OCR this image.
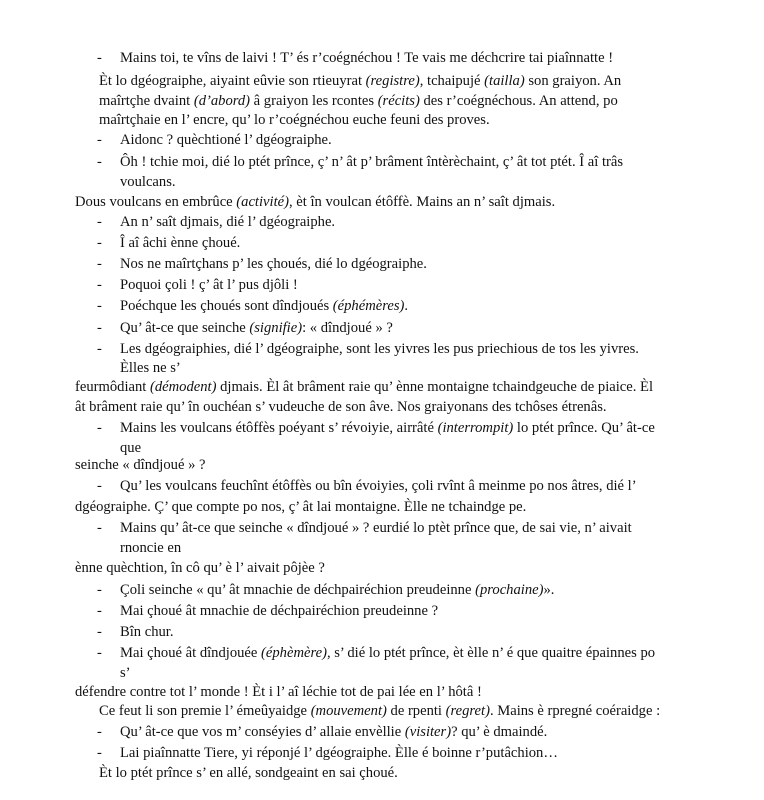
- Mains toi, te vîns de laivi ! T’ és r’coégnéchou ! Te vais me déchcrire tai piaînnatte !
Èt lo dgéograiphe, aiyaint eûvie son rtieuyrat (registre), tchaipujé (tailla) son graiyon. An
maîrtçhe dvaint (d’abord) â graiyon les rcontes (récits) des r’coégnéchous. An attend, po
maîrtçhaie en l’ encre, qu’ lo r’coégnéchou euche feuni des proves.
- Aidonc ? quèchtioné l’ dgéograiphe.
- Ôh ! tchie moi, dié lo ptét prînce, ç’ n’ ât p’ brâment întèrèchaint, ç’ ât tot ptét. Î aî trâs
voulcans.
Dous voulcans en embrûce (activité), èt în voulcan étôffè. Mains an n’ saît djmais.
- An n’ saît djmais, dié l’ dgéograiphe.
- Î aî âchi ènne çhoué.
- Nos ne maîrtçhans p’ les çhoués, dié lo dgéograiphe.
- Poquoi çoli ! ç’ ât l’ pus djôli !
- Poéchque les çhoués sont dîndjoués (éphémères).
- Qu’ ât-ce que seinche (signifie): « dîndjoué » ?
- Les dgéograiphies, dié l’ dgéograiphe, sont les yivres les pus priechious de tos les yivres.
Èlles ne s’
feurmôdiant (démodent) djmais. Èl ât brâment raie qu’ ènne montaigne tchaindgeuche de piaice. Èl
ât brâment raie qu’ în ouchéan s’ vudeuche de son âve. Nos graiyonans des tchôses étrenâs.
- Mains les voulcans étôffès poéyant s’ révoiyie, airrâté (interrompit) lo ptét prînce. Qu’ ât-ce
que
seinche « dîndjoué » ?
- Qu’ les voulcans feuchînt étôffès ou bîn évoiyies, çoli rvînt â meinme po nos âtres, dié l’
dgéograiphe. Ç’ que compte po nos, ç’ ât lai montaigne. Èlle ne tchaindge pe.
- Mains qu’ ât-ce que seinche « dîndjoué » ? eurdié lo ptèt prînce que, de sai vie, n’ aivait
rnoncie en
ènne quèchtion, în cô qu’ è l’ aivait pôjèe ?
- Çoli seinche « qu’ ât mnachie de déchpairéchion preudeinne (prochaine)».
- Mai çhoué ât mnachie de déchpairéchion preudeinne ?
- Bîn chur.
- Mai çhoué ât dîndjouée (éphèmère), s’ dié lo ptét prînce, èt èlle n’ é que quaitre épainnes po
s’
défendre contre tot l’ monde ! Èt i l’ aî léchie tot de pai lée en l’ hôtâ !
Ce feut li son premie l’ émeûyaidge (mouvement) de rpenti (regret). Mains è rpregné coéraidge :
- Qu’ ât-ce que vos m’ conséyies d’ allaie envèllie (visiter)? qu’ è dmaindé.
- Lai piaînnatte Tiere, yi réponjé l’ dgéograiphe. Èlle é boinne r’putâchion…
Èt lo ptét prînce s’ en allé, sondgeaint en sai çhoué.
